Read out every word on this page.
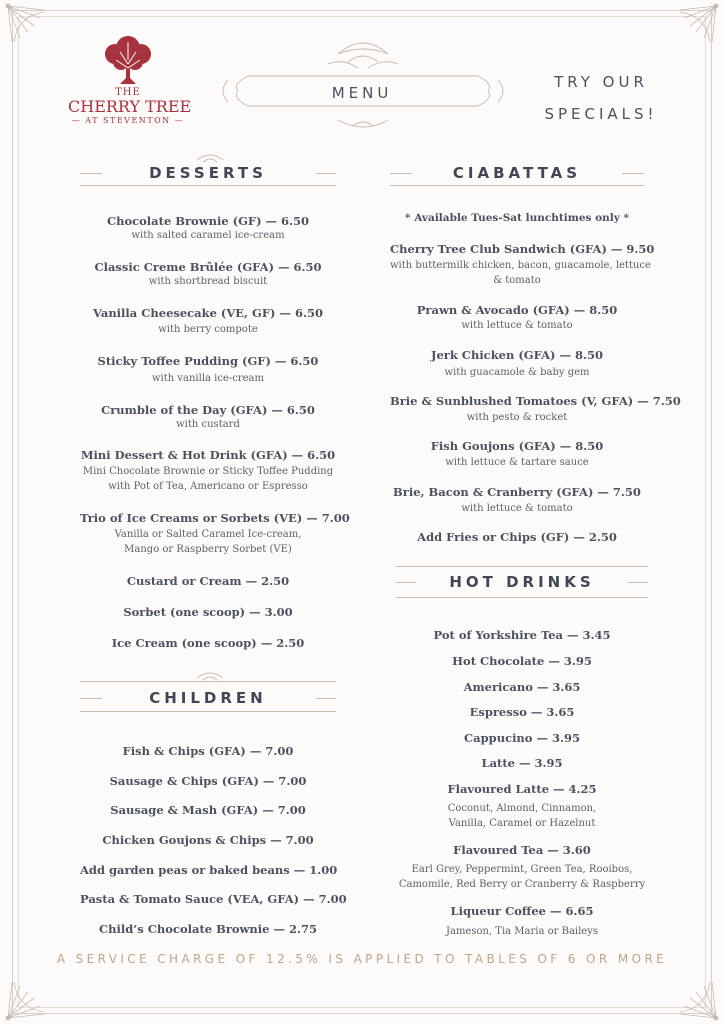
THE
CHERRY TREE
— AT STEVENTON —
MENU
TRY OUR
SPECIALS!
DESSERTS
Chocolate Brownie (GF) — 6.50
with salted caramel ice-cream
Classic Creme Brûlée (GFA) — 6.50
with shortbread biscuit
Vanilla Cheesecake (VE, GF) — 6.50
with berry compote
Sticky Toffee Pudding (GF) — 6.50
with vanilla ice-cream
Crumble of the Day (GFA) — 6.50
with custard
Mini Dessert & Hot Drink (GFA) — 6.50
Mini Chocolate Brownie or Sticky Toffee Pudding
with Pot of Tea, Americano or Espresso
Trio of Ice Creams or Sorbets (VE) — 7.00
Vanilla or Salted Caramel Ice-cream,
Mango or Raspberry Sorbet (VE)
Custard or Cream — 2.50
Sorbet (one scoop) — 3.00
Ice Cream (one scoop) — 2.50
CHILDREN
Fish & Chips (GFA) — 7.00
Sausage & Chips (GFA) — 7.00
Sausage & Mash (GFA) — 7.00
Chicken Goujons & Chips — 7.00
Add garden peas or baked beans — 1.00
Pasta & Tomato Sauce (VEA, GFA) — 7.00
Child’s Chocolate Brownie — 2.75
CIABATTAS
* Available Tues-Sat lunchtimes only *
Cherry Tree Club Sandwich (GFA) — 9.50
with buttermilk chicken, bacon, guacamole, lettuce
& tomato
Prawn & Avocado (GFA) — 8.50
with lettuce & tomato
Jerk Chicken (GFA) — 8.50
with guacamole & baby gem
Brie & Sunblushed Tomatoes (V, GFA) — 7.50
with pesto & rocket
Fish Goujons (GFA) — 8.50
with lettuce & tartare sauce
Brie, Bacon & Cranberry (GFA) — 7.50
with lettuce & tomato
Add Fries or Chips (GF) — 2.50
HOT DRINKS
Pot of Yorkshire Tea — 3.45
Hot Chocolate — 3.95
Americano — 3.65
Espresso — 3.65
Cappucino — 3.95
Latte — 3.95
Flavoured Latte — 4.25
Coconut, Almond, Cinnamon,
Vanilla, Caramel or Hazelnut
Flavoured Tea — 3.60
Earl Grey, Peppermint, Green Tea, Rooibos,
Camomile, Red Berry or Cranberry & Raspberry
Liqueur Coffee — 6.65
Jameson, Tia Maria or Baileys
A SERVICE CHARGE OF 12.5% IS APPLIED TO TABLES OF 6 OR MORE
